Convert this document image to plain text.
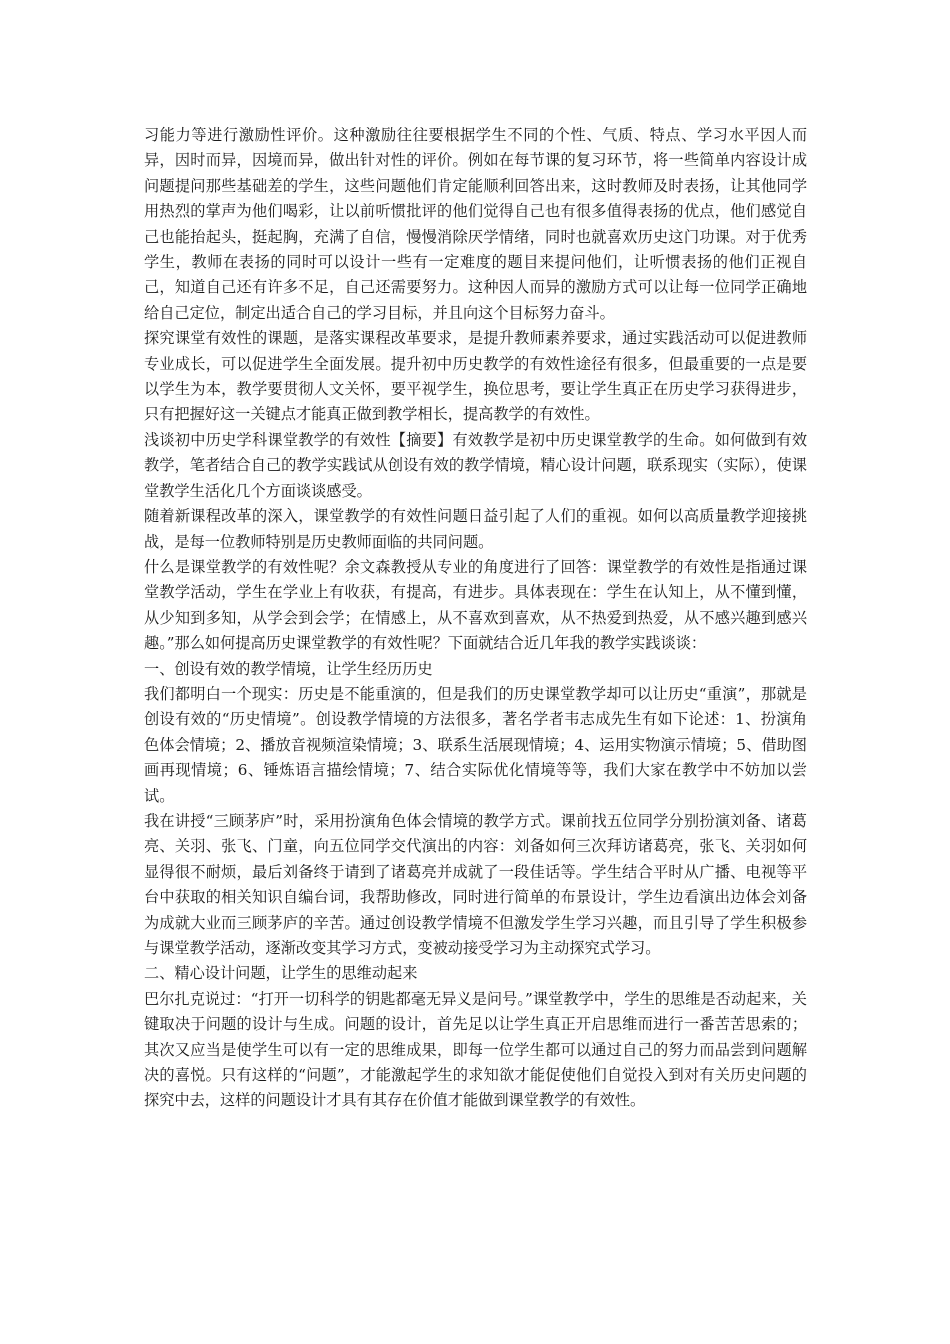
习能力等进行激励性评价。这种激励往往要根据学生不同的个性、气质、特点、学习水平因人而异，因时而异，因境而异，做出针对性的评价。例如在每节课的复习环节，将一些简单内容设计成问题提问那些基础差的学生，这些问题他们肯定能顺利回答出来，这时教师及时表扬，让其他同学用热烈的掌声为他们喝彩，让以前听惯批评的他们觉得自己也有很多值得表扬的优点，他们感觉自己也能抬起头，挺起胸，充满了自信，慢慢消除厌学情绪，同时也就喜欢历史这门功课。对于优秀学生，教师在表扬的同时可以设计一些有一定难度的题目来提问他们，让听惯表扬的他们正视自己，知道自己还有许多不足，自己还需要努力。这种因人而异的激励方式可以让每一位同学正确地给自己定位，制定出适合自己的学习目标，并且向这个目标努力奋斗。

探究课堂有效性的课题，是落实课程改革要求，是提升教师素养要求，通过实践活动可以促进教师专业成长，可以促进学生全面发展。提升初中历史教学的有效性途径有很多，但最重要的一点是要以学生为本，教学要贯彻人文关怀，要平视学生，换位思考，要让学生真正在历史学习获得进步，只有把握好这一关键点才能真正做到教学相长，提高教学的有效性。

浅谈初中历史学科课堂教学的有效性【摘要】有效教学是初中历史课堂教学的生命。如何做到有效教学，笔者结合自己的教学实践试从创设有效的教学情境，精心设计问题，联系现实（实际），使课堂教学生活化几个方面谈谈感受。

随着新课程改革的深入，课堂教学的有效性问题日益引起了人们的重视。如何以高质量教学迎接挑战，是每一位教师特别是历史教师面临的共同问题。

什么是课堂教学的有效性呢？余文森教授从专业的角度进行了回答：课堂教学的有效性是指通过课堂教学活动，学生在学业上有收获，有提高，有进步。具体表现在：学生在认知上，从不懂到懂，从少知到多知，从学会到会学；在情感上，从不喜欢到喜欢，从不热爱到热爱，从不感兴趣到感兴趣。”那么如何提高历史课堂教学的有效性呢？下面就结合近几年我的教学实践谈谈：

一、创设有效的教学情境，让学生经历历史

我们都明白一个现实：历史是不能重演的，但是我们的历史课堂教学却可以让历史“重演”，那就是创设有效的“历史情境”。创设教学情境的方法很多，著名学者韦志成先生有如下论述：1、扮演角色体会情境；2、播放音视频渲染情境；3、联系生活展现情境；4、运用实物演示情境；5、借助图画再现情境；6、锤炼语言描绘情境；7、结合实际优化情境等等，我们大家在教学中不妨加以尝试。

我在讲授“三顾茅庐”时，采用扮演角色体会情境的教学方式。课前找五位同学分别扮演刘备、诸葛亮、关羽、张飞、门童，向五位同学交代演出的内容：刘备如何三次拜访诸葛亮，张飞、关羽如何显得很不耐烦，最后刘备终于请到了诸葛亮并成就了一段佳话等。学生结合平时从广播、电视等平台中获取的相关知识自编台词，我帮助修改，同时进行简单的布景设计，学生边看演出边体会刘备为成就大业而三顾茅庐的辛苦。通过创设教学情境不但激发学生学习兴趣，而且引导了学生积极参与课堂教学活动，逐渐改变其学习方式，变被动接受学习为主动探究式学习。

二、精心设计问题，让学生的思维动起来

巴尔扎克说过：“打开一切科学的钥匙都毫无异义是问号。”课堂教学中，学生的思维是否动起来，关键取决于问题的设计与生成。问题的设计，首先足以让学生真正开启思维而进行一番苦苦思索的；其次又应当是使学生可以有一定的思维成果，即每一位学生都可以通过自己的努力而品尝到问题解决的喜悦。只有这样的“问题”，才能激起学生的求知欲才能促使他们自觉投入到对有关历史问题的探究中去，这样的问题设计才具有其存在价值才能做到课堂教学的有效性。
